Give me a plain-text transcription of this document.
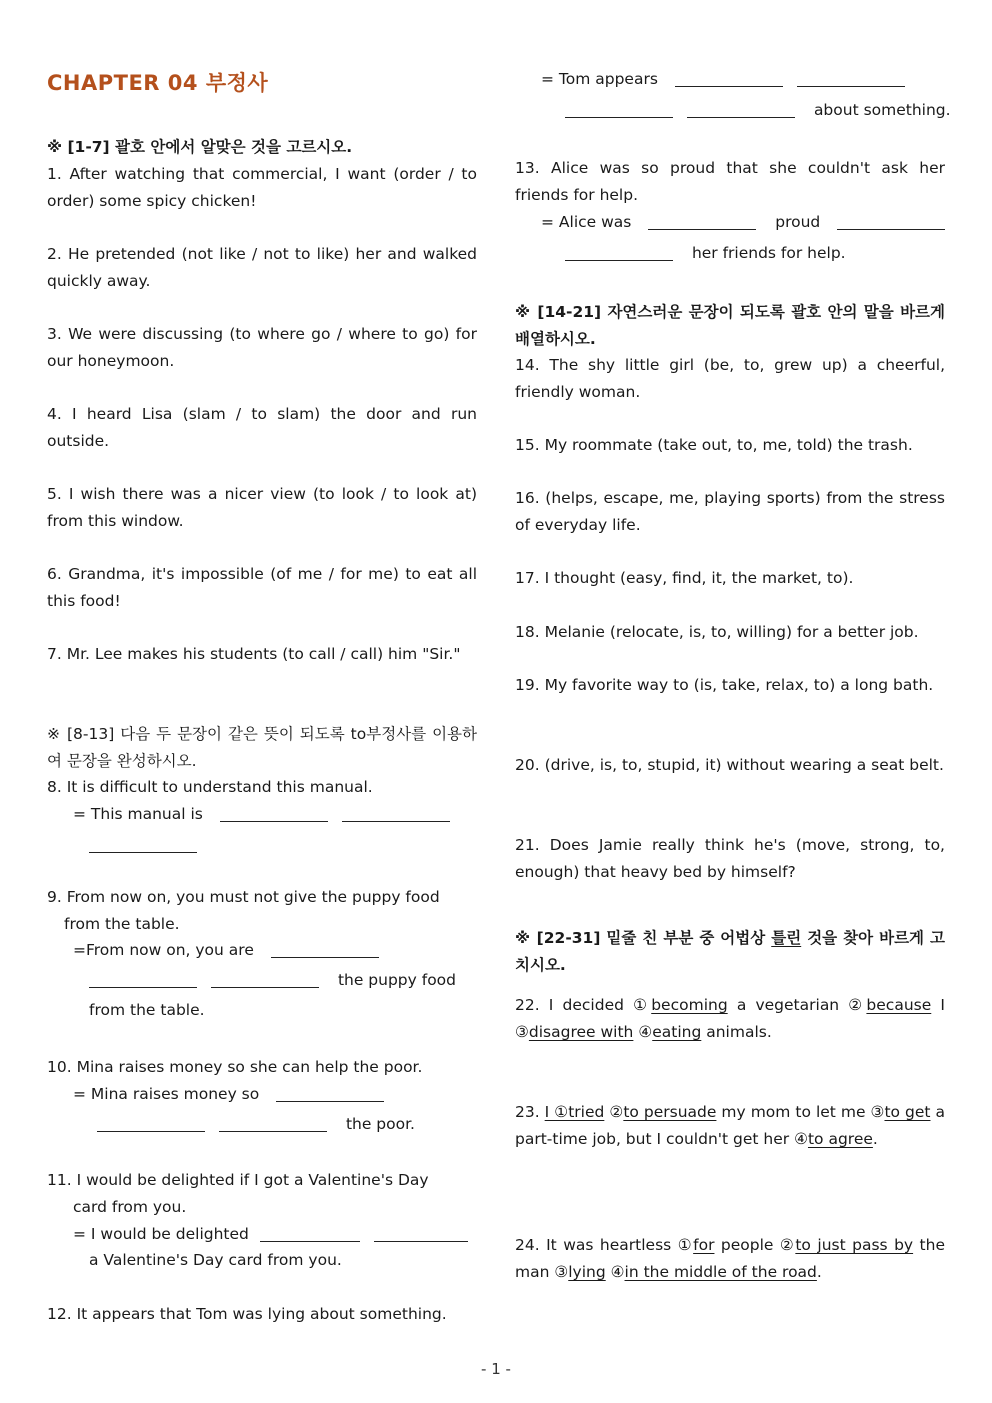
CHAPTER 04 부정사
※ [1-7] 괄호 안에서 알맞은 것을 고르시오.
1. After watching that commercial, I want (order / to order) some spicy chicken!
2. He pretended (not like / not to like) her and walked quickly away.
3. We were discussing (to where go / where to go) for our honeymoon.
4. I heard Lisa (slam / to slam) the door and run outside.
5. I wish there was a nicer view (to look / to look at) from this window.
6. Grandma, it's impossible (of me / for me) to eat all this food!
7. Mr. Lee makes his students (to call / call) him "Sir."
※ [8-13] 다음 두 문장이 같은 뜻이 되도록 to부정사를 이용하여 문장을 완성하시오.
8. It is difficult to understand this manual.
= This manual is
9. From now on, you must not give the puppy food
from the table.
=From now on, you are
the puppy food
from the table.
10. Mina raises money so she can help the poor.
= Mina raises money so
the poor.
11. I would be delighted if I got a Valentine's Day
card from you.
= I would be delighted
a Valentine's Day card from you.
12. It appears that Tom was lying about something.
= Tom appears
about something.
13. Alice was so proud that she couldn't ask her friends for help.
= Alice was	proud
her friends for help.
※ [14-21] 자연스러운 문장이 되도록 괄호 안의 말을 바르게 배열하시오.
14. The shy little girl (be, to, grew up) a cheerful, friendly woman.
15. My roommate (take out, to, me, told) the trash.
16. (helps, escape, me, playing sports) from the stress of everyday life.
17. I thought (easy, find, it, the market, to).
18. Melanie (relocate, is, to, willing) for a better job.
19. My favorite way to (is, take, relax, to) a long bath.
20. (drive, is, to, stupid, it) without wearing a seat belt.
21. Does Jamie really think he's (move, strong, to, enough) that heavy bed by himself?
※ [22-31] 밑줄 친 부분 중 어법상 틀린 것을 찾아 바르게 고치시오.
22. I decided ①becoming a vegetarian ②because I ③disagree with ④eating animals.
23. I ①tried ②to persuade my mom to let me ③to get a part-time job, but I couldn't get her ④to agree.
24. It was heartless ①for people ②to just pass by the man ③lying ④in the middle of the road.
- 1 -
